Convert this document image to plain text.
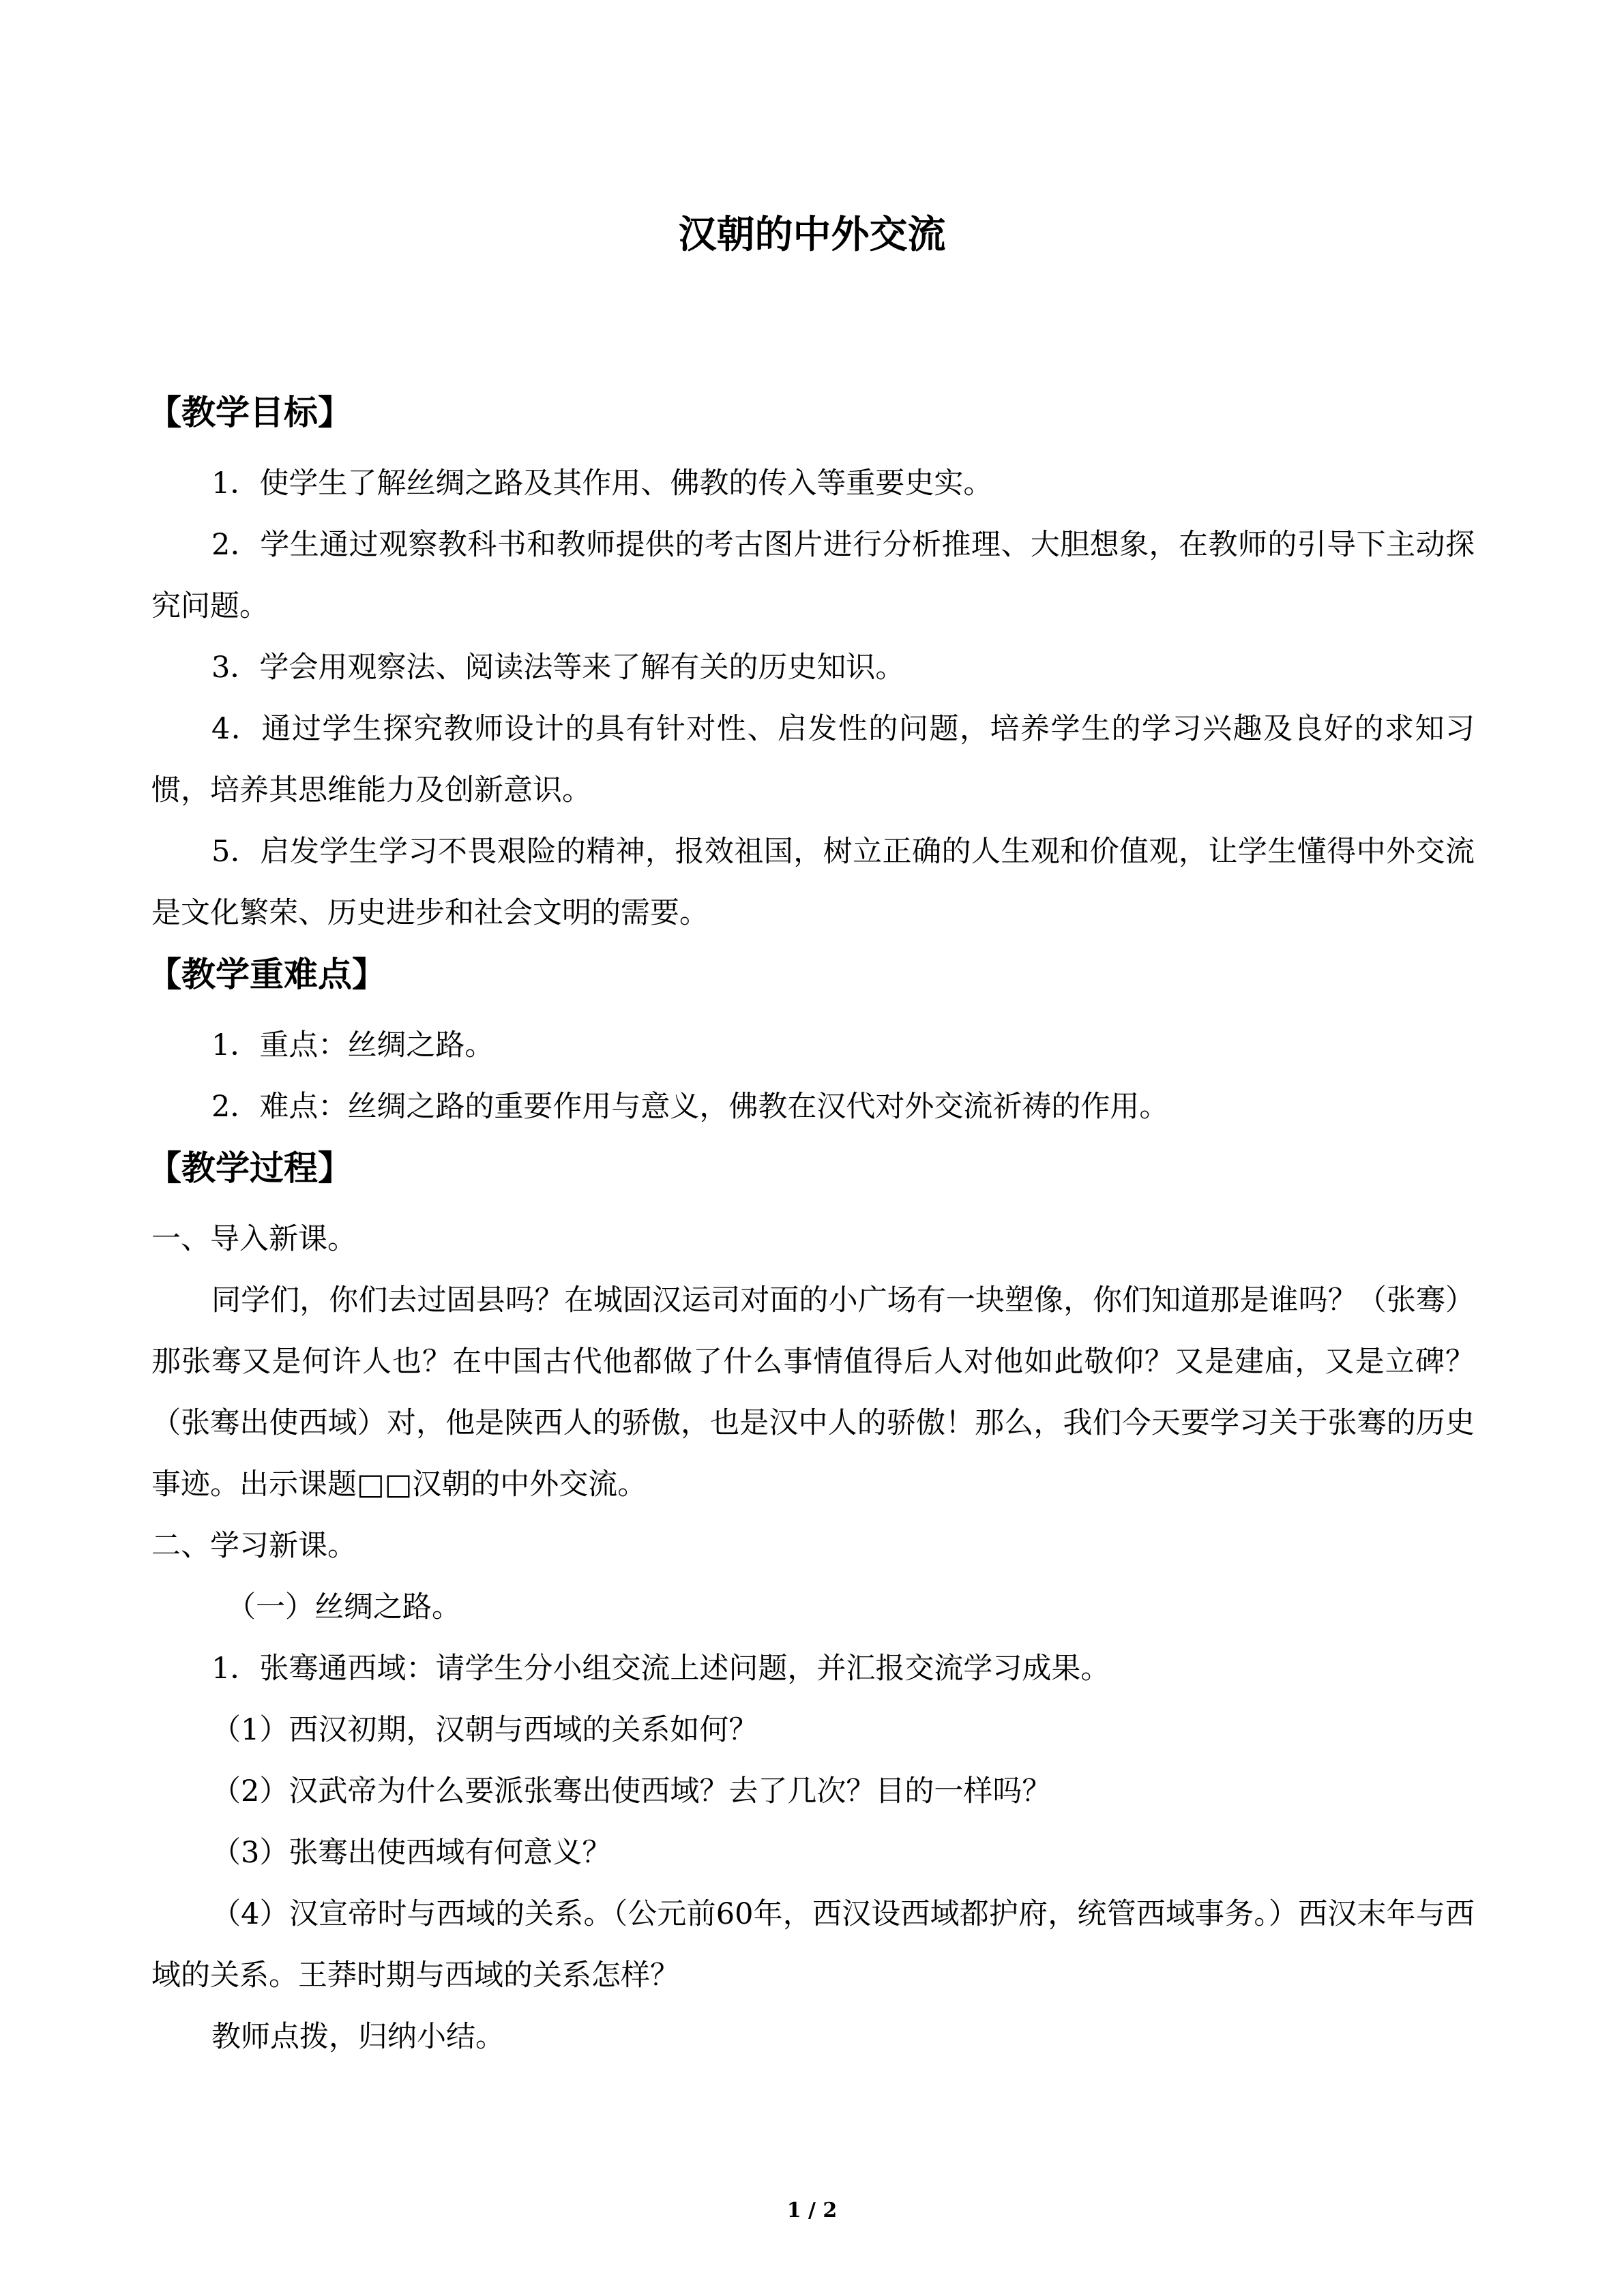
汉朝的中外交流
【教学目标】

1．使学生了解丝绸之路及其作用、佛教的传入等重要史实。

2．学生通过观察教科书和教师提供的考古图片进行分析推理、大胆想象，在教师的引导下主动探究问题。

3．学会用观察法、阅读法等来了解有关的历史知识。

4．通过学生探究教师设计的具有针对性、启发性的问题，培养学生的学习兴趣及良好的求知习惯，培养其思维能力及创新意识。

5．启发学生学习不畏艰险的精神，报效祖国，树立正确的人生观和价值观，让学生懂得中外交流是文化繁荣、历史进步和社会文明的需要。

【教学重难点】

1．重点：丝绸之路。

2．难点：丝绸之路的重要作用与意义，佛教在汉代对外交流祈祷的作用。

【教学过程】

一、导入新课。

同学们，你们去过固县吗？在城固汉运司对面的小广场有一块塑像，你们知道那是谁吗？（张骞）那张骞又是何许人也？在中国古代他都做了什么事情值得后人对他如此敬仰？又是建庙，又是立碑？（张骞出使西域）对，他是陕西人的骄傲，也是汉中人的骄傲！那么，我们今天要学习关于张骞的历史事迹。出示课题□□汉朝的中外交流。

二、学习新课。

（一）丝绸之路。

1．张骞通西域：请学生分小组交流上述问题，并汇报交流学习成果。

（1）西汉初期，汉朝与西域的关系如何？

（2）汉武帝为什么要派张骞出使西域？去了几次？目的一样吗？

（3）张骞出使西域有何意义？

（4）汉宣帝时与西域的关系。（公元前60年，西汉设西域都护府，统管西域事务。）西汉末年与西域的关系。王莽时期与西域的关系怎样？

教师点拨，归纳小结。

1 / 2
